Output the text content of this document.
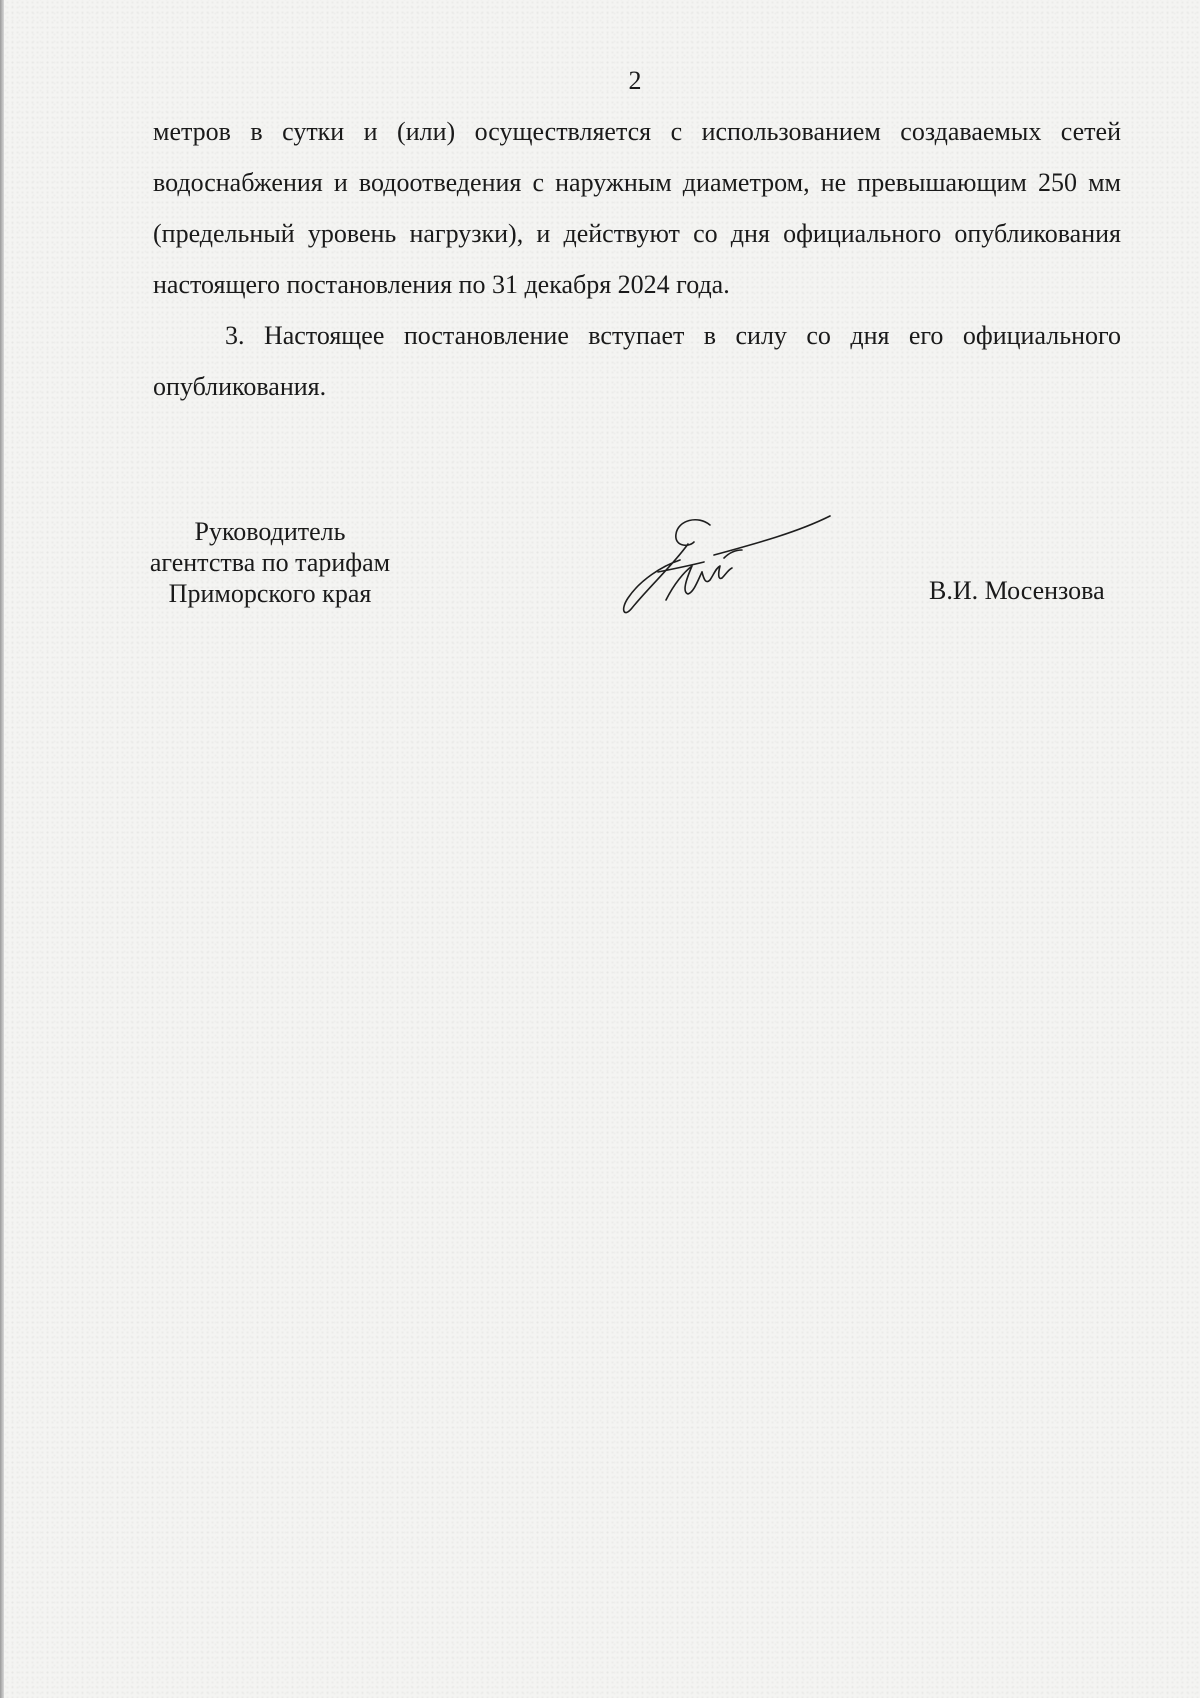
2

метров в сутки и (или) осуществляется с использованием создаваемых сетей водоснабжения и водоотведения с наружным диаметром, не превышающим 250 мм (предельный уровень нагрузки), и действуют со дня официального опубликования настоящего постановления по 31 декабря 2024 года.

3. Настоящее постановление вступает в силу со дня его официального опубликования.

Руководитель
агентства по тарифам
Приморского края	В.И. Мосензова
